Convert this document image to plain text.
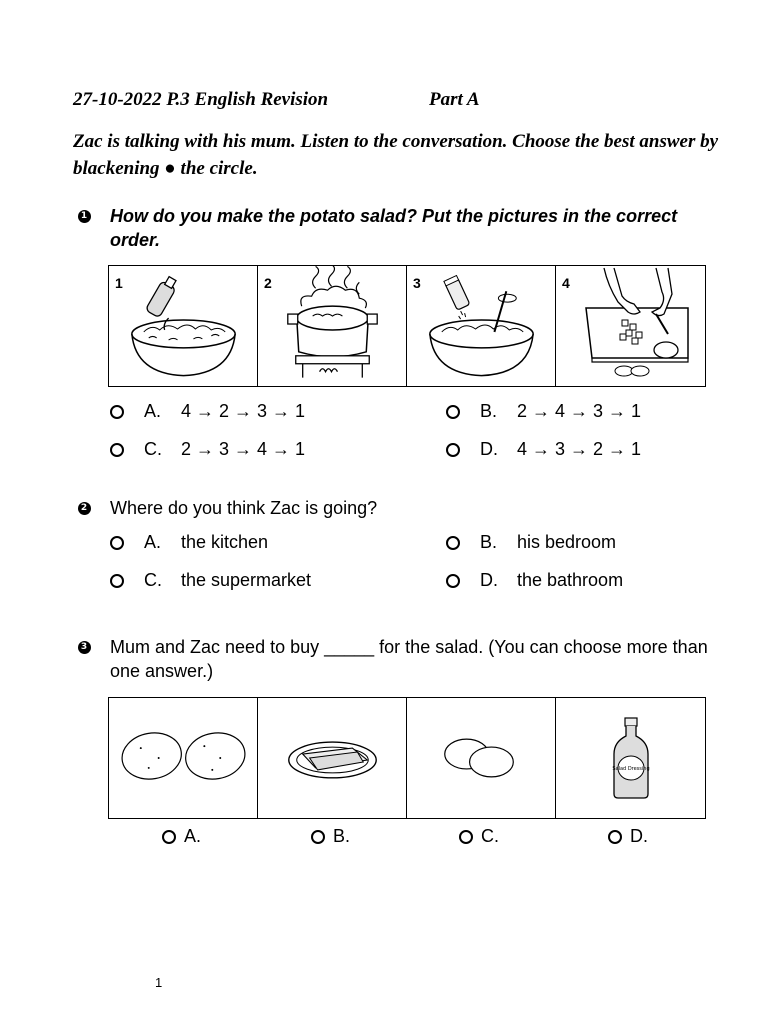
27-10-2022 P.3 English Revision	Part A
Zac is talking with his mum. Listen to the conversation. Choose the best answer by blackening ● the circle.
1 How do you make the potato salad? Put the pictures in the correct order.
1	2	3	4
A.	4 → 2 → 3 → 1	B.	2 → 4 → 3 → 1
C.	2 → 3 → 4 → 1	D.	4 → 3 → 2 → 1
2 Where do you think Zac is going?
A.	the kitchen	B.	his bedroom
C.	the supermarket	D.	the bathroom
3 Mum and Zac need to buy _____ for the salad. (You can choose more than one answer.)
Salad Dressing
A.	B.	C.	D.
1
